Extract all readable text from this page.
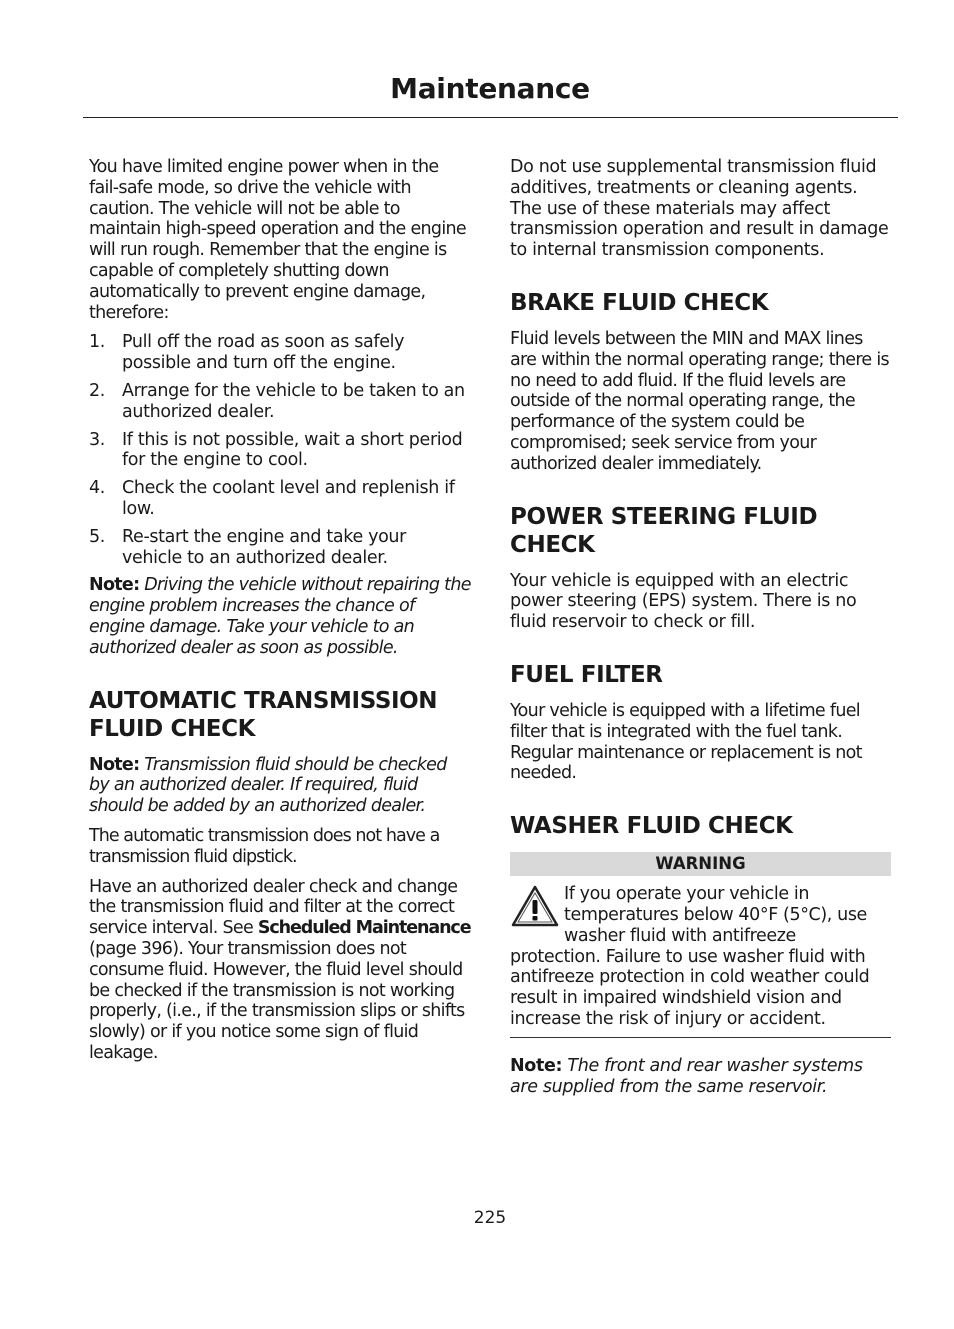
Maintenance

You have limited engine power when in the fail-safe mode, so drive the vehicle with caution. The vehicle will not be able to maintain high-speed operation and the engine will run rough. Remember that the engine is capable of completely shutting down automatically to prevent engine damage, therefore:

1. Pull off the road as soon as safely possible and turn off the engine.
2. Arrange for the vehicle to be taken to an authorized dealer.
3. If this is not possible, wait a short period for the engine to cool.
4. Check the coolant level and replenish if low.
5. Re-start the engine and take your vehicle to an authorized dealer.

Note: Driving the vehicle without repairing the engine problem increases the chance of engine damage. Take your vehicle to an authorized dealer as soon as possible.

AUTOMATIC TRANSMISSION FLUID CHECK

Note: Transmission fluid should be checked by an authorized dealer. If required, fluid should be added by an authorized dealer.

The automatic transmission does not have a transmission fluid dipstick.

Have an authorized dealer check and change the transmission fluid and filter at the correct service interval. See Scheduled Maintenance (page 396). Your transmission does not consume fluid. However, the fluid level should be checked if the transmission is not working properly, (i.e., if the transmission slips or shifts slowly) or if you notice some sign of fluid leakage.

Do not use supplemental transmission fluid additives, treatments or cleaning agents. The use of these materials may affect transmission operation and result in damage to internal transmission components.

BRAKE FLUID CHECK

Fluid levels between the MIN and MAX lines are within the normal operating range; there is no need to add fluid. If the fluid levels are outside of the normal operating range, the performance of the system could be compromised; seek service from your authorized dealer immediately.

POWER STEERING FLUID CHECK

Your vehicle is equipped with an electric power steering (EPS) system. There is no fluid reservoir to check or fill.

FUEL FILTER

Your vehicle is equipped with a lifetime fuel filter that is integrated with the fuel tank. Regular maintenance or replacement is not needed.

WASHER FLUID CHECK
WARNING
If you operate your vehicle in temperatures below 40°F (5°C), use washer fluid with antifreeze protection. Failure to use washer fluid with antifreeze protection in cold weather could result in impaired windshield vision and increase the risk of injury or accident.

Note: The front and rear washer systems are supplied from the same reservoir.

225
